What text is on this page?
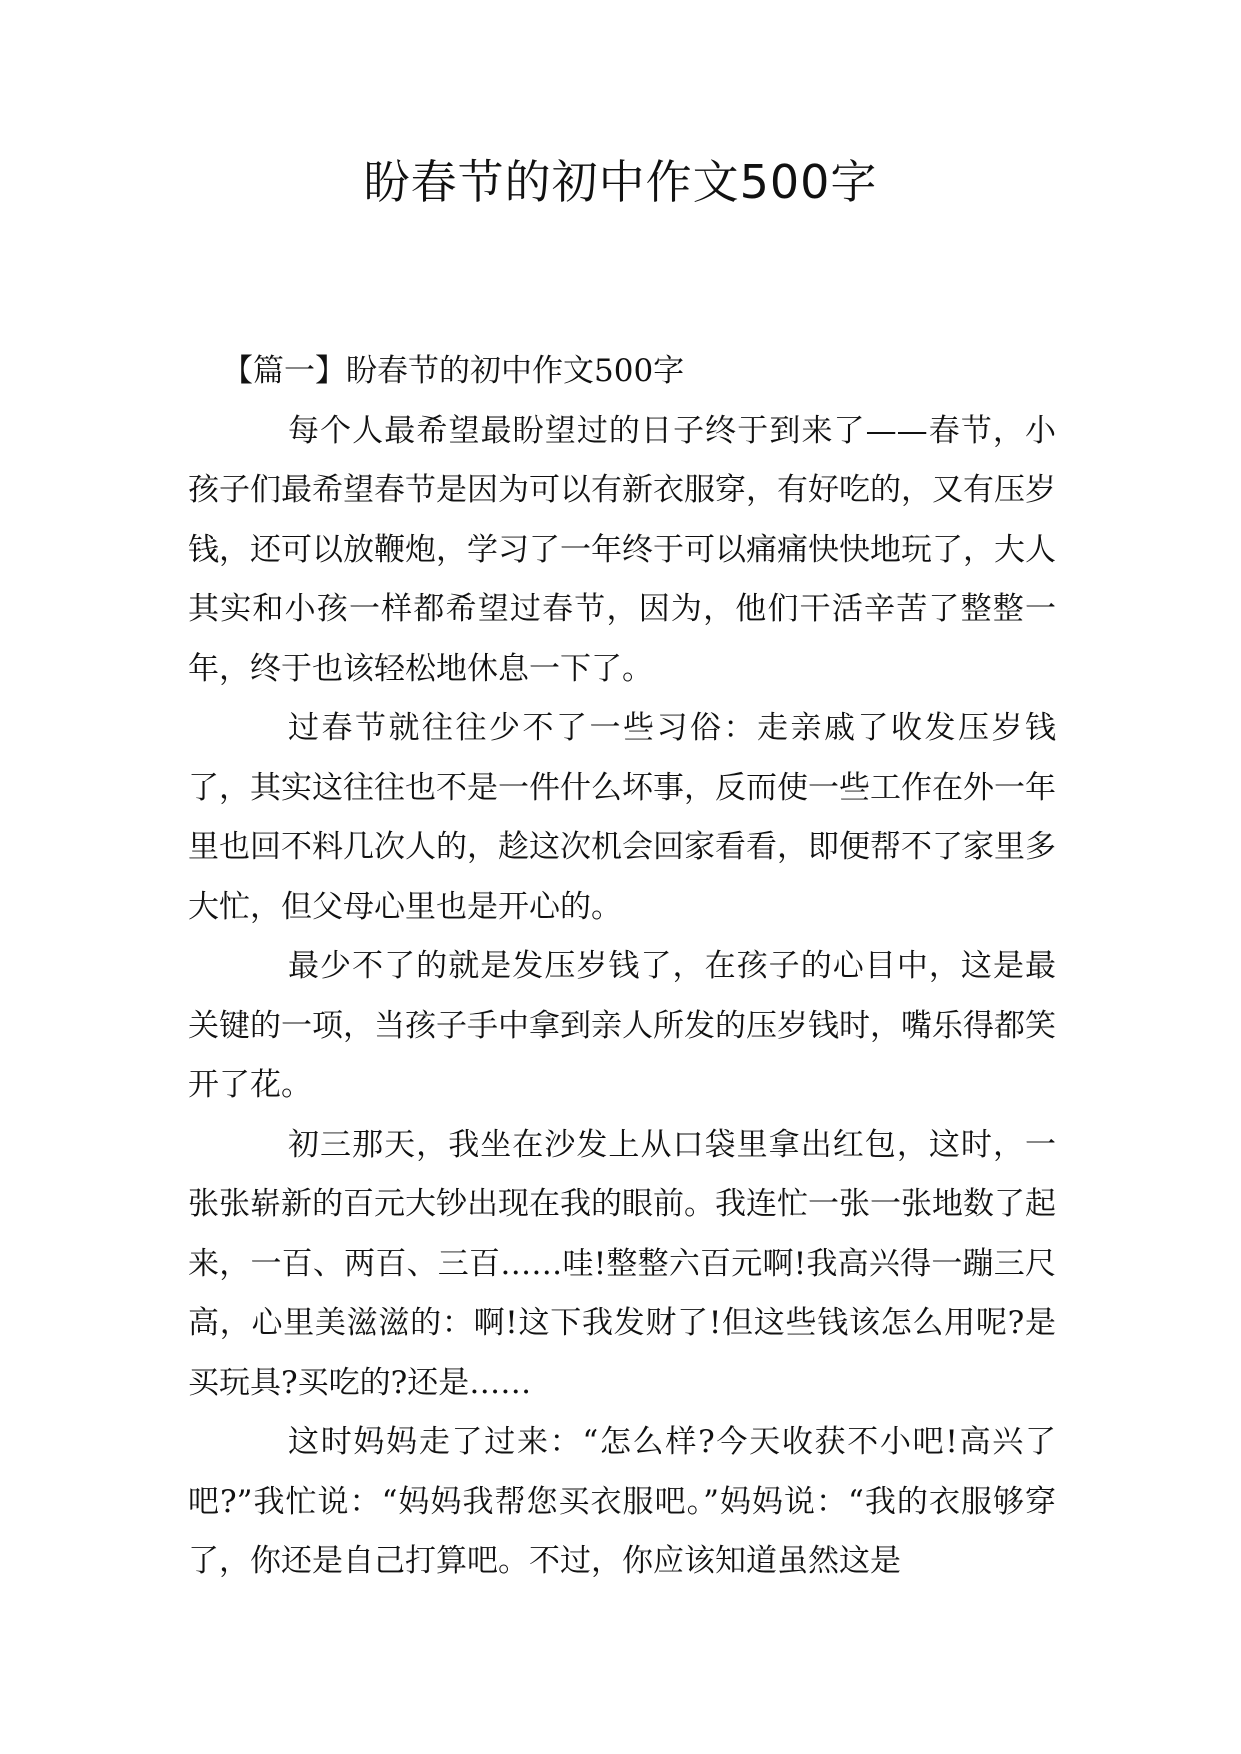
盼春节的初中作文500字

【篇一】盼春节的初中作文500字

每个人最希望最盼望过的日子终于到来了——春节，小孩子们最希望春节是因为可以有新衣服穿，有好吃的，又有压岁钱，还可以放鞭炮，学习了一年终于可以痛痛快快地玩了，大人其实和小孩一样都希望过春节，因为，他们干活辛苦了整整一年，终于也该轻松地休息一下了。

过春节就往往少不了一些习俗：走亲戚了收发压岁钱了，其实这往往也不是一件什么坏事，反而使一些工作在外一年里也回不料几次人的，趁这次机会回家看看，即便帮不了家里多大忙，但父母心里也是开心的。

最少不了的就是发压岁钱了，在孩子的心目中，这是最关键的一项，当孩子手中拿到亲人所发的压岁钱时，嘴乐得都笑开了花。

初三那天，我坐在沙发上从口袋里拿出红包，这时，一张张崭新的百元大钞出现在我的眼前。我连忙一张一张地数了起来，一百、两百、三百……哇!整整六百元啊!我高兴得一蹦三尺高，心里美滋滋的：啊!这下我发财了!但这些钱该怎么用呢?是买玩具?买吃的?还是……

这时妈妈走了过来：“怎么样?今天收获不小吧!高兴了吧?”我忙说：“妈妈我帮您买衣服吧。”妈妈说：“我的衣服够穿了，你还是自己打算吧。不过，你应该知道虽然这是
